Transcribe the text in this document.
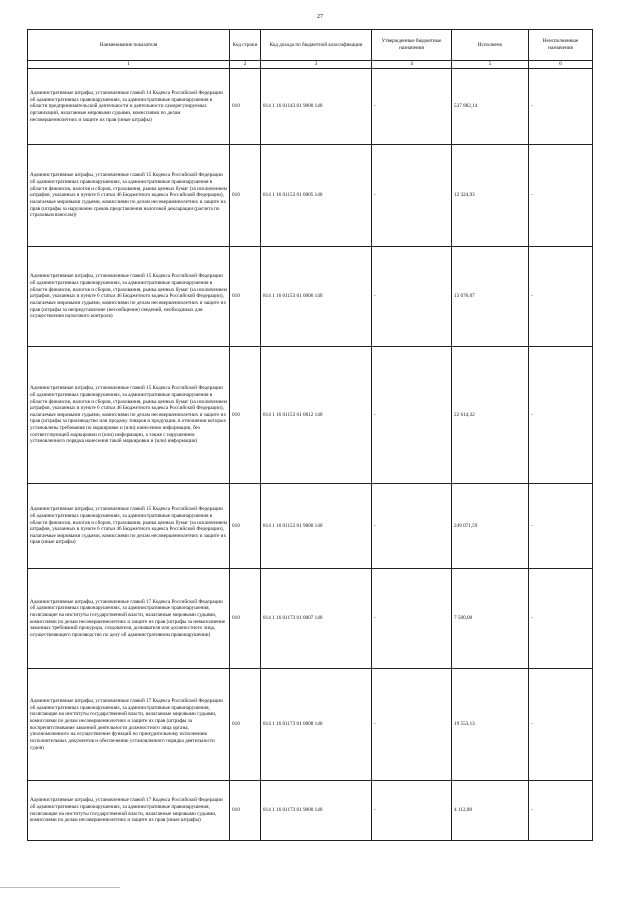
27
Наименование показателя	Код строки	Код дохода по бюджетной классификации	Утвержденные бюджетные назначения	Исполнено	Неисполненные назначения
1	2	3	4	5	6
Административные штрафы, установленные главой 14 Кодекса Российской Федерации об административных правонарушениях, за административные правонарушения в области предпринимательской деятельности и деятельности саморегулируемых организаций, налагаемые мировыми судьями, комиссиями по делам несовершеннолетних и защите их прав (иные штрафы)	010	814 1 16 01143 01 9000 140	-	537 882,14	-
Административные штрафы, установленные главой 15 Кодекса Российской Федерации об административных правонарушениях, за административные правонарушения в области финансов, налогов и сборов, страхования, рынка ценных бумаг (за исключением штрафов, указанных в пункте 6 статьи 46 Бюджетного кодекса Российской Федерации), налагаемые мировыми судьями, комиссиями по делам несовершеннолетних и защите их прав (штрафы за нарушение сроков представления налоговой декларации (расчета по страховым взносам))	010	814 1 16 01153 01 0005 140	-	12 324,93	-
Административные штрафы, установленные главой 15 Кодекса Российской Федерации об административных правонарушениях, за административные правонарушения в области финансов, налогов и сборов, страхования, рынка ценных бумаг (за исключением штрафов, указанных в пункте 6 статьи 46 Бюджетного кодекса Российской Федерации), налагаемые мировыми судьями, комиссиями по делам несовершеннолетних и защите их прав (штрафы за непредставление (несообщение) сведений, необходимых для осуществления налогового контроля)	010	814 1 16 01153 01 0006 140	-	13 676,07	-
Административные штрафы, установленные главой 15 Кодекса Российской Федерации об административных правонарушениях, за административные правонарушения в области финансов, налогов и сборов, страхования, рынка ценных бумаг (за исключением штрафов, указанных в пункте 6 статьи 46 Бюджетного кодекса Российской Федерации), налагаемые мировыми судьями, комиссиями по делам несовершеннолетних и защите их прав (штрафы за производство или продажу товаров и продукции, в отношении которых установлены требования по маркировке и (или) нанесению информации, без соответствующей маркировки и (или) информации, а также с нарушением установленного порядка нанесения такой маркировки и (или) информации)	010	814 1 16 01153 01 0012 140	-	22 614,32	-
Административные штрафы, установленные главой 15 Кодекса Российской Федерации об административных правонарушениях, за административные правонарушения в области финансов, налогов и сборов, страхования, рынка ценных бумаг (за исключением штрафов, указанных в пункте 6 статьи 46 Бюджетного кодекса Российской Федерации), налагаемые мировыми судьями, комиссиями по делам несовершеннолетних и защите их прав (иные штрафы)	010	814 1 16 01153 01 9000 140	-	249 071,59	-
Административные штрафы, установленные главой 17 Кодекса Российской Федерации об административных правонарушениях, за административные правонарушения, посягающие на институты государственной власти, налагаемые мировыми судьями, комиссиями по делам несовершеннолетних и защите их прав (штрафы за невыполнение законных требований прокурора, следователя, дознавателя или должностного лица, осуществляющего производство по делу об административном правонарушении)	010	814 1 16 01173 01 0007 140	-	7 500,00	-
Административные штрафы, установленные главой 17 Кодекса Российской Федерации об административных правонарушениях, за административные правонарушения, посягающие на институты государственной власти, налагаемые мировыми судьями, комиссиями по делам несовершеннолетних и защите их прав (штрафы за воспрепятствование законной деятельности должностного лица органа, уполномоченного на осуществление функций по принудительному исполнению исполнительных документов и обеспечению установленного порядка деятельности судов)	010	814 1 16 01173 01 0008 140	-	19 553,13	-
Административные штрафы, установленные главой 17 Кодекса Российской Федерации об административных правонарушениях, за административные правонарушения, посягающие на институты государственной власти, налагаемые мировыми судьями, комиссиями по делам несовершеннолетних и защите их прав (иные штрафы)	010	814 1 16 01173 01 9000 140	-	4 112,08	-
